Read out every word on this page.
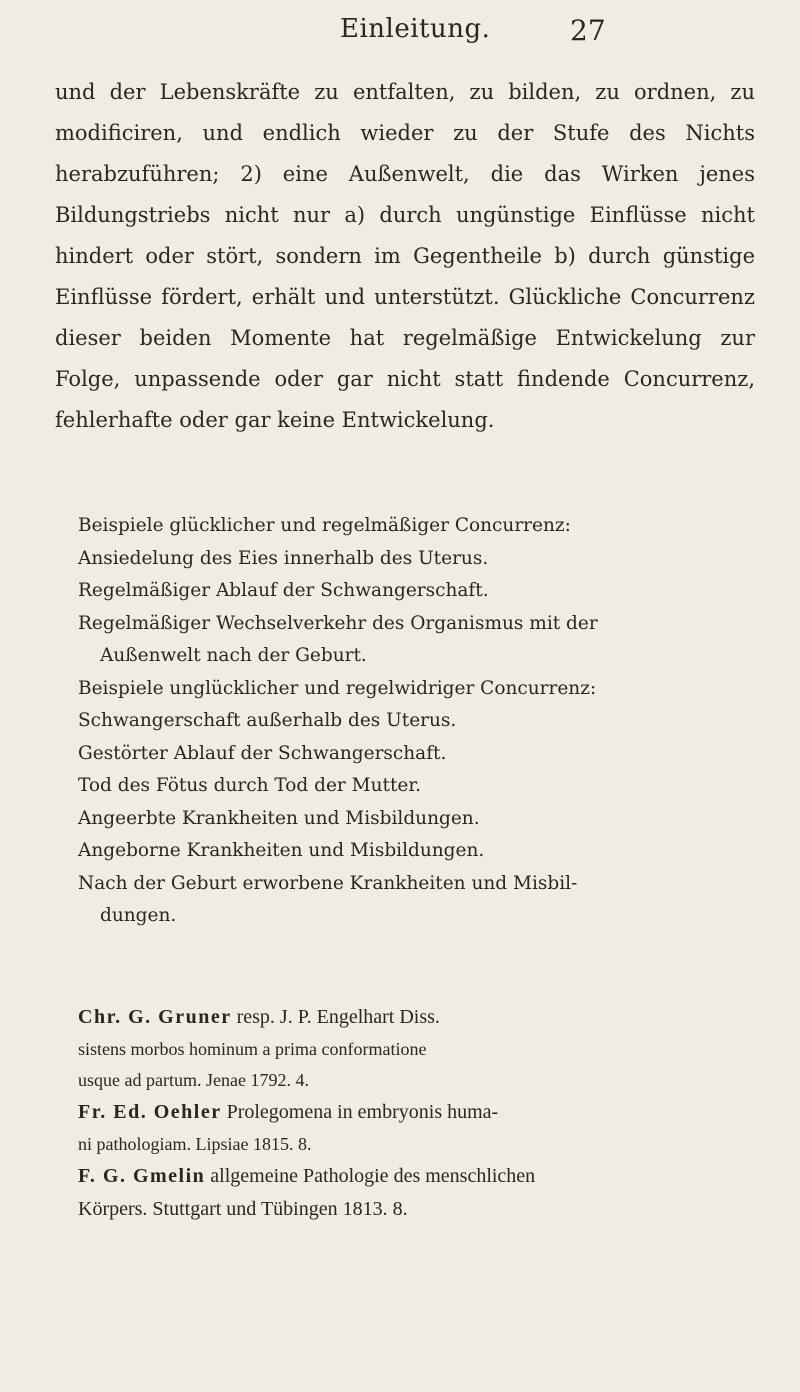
Einleitung.	27

und der Lebenskräfte zu entfalten, zu bilden, zu ordnen, zu modificiren, und endlich wieder zu der Stufe des Nichts herabzuführen; 2) eine Außenwelt, die das Wirken jenes Bildungstriebs nicht nur a) durch ungünstige Einflüsse nicht hindert oder stört, sondern im Gegentheile b) durch günstige Einflüsse fördert, erhält und unterstützt. Glückliche Concurrenz dieser beiden Momente hat regelmäßige Entwickelung zur Folge, unpassende oder gar nicht statt findende Concurrenz, fehlerhafte oder gar keine Entwickelung.

Beispiele glücklicher und regelmäßiger Concurrenz:
Ansiedelung des Eies innerhalb des Uterus.
Regelmäßiger Ablauf der Schwangerschaft.
Regelmäßiger Wechselverkehr des Organismus mit der
Außenwelt nach der Geburt.
Beispiele unglücklicher und regelwidriger Concurrenz:
Schwangerschaft außerhalb des Uterus.
Gestörter Ablauf der Schwangerschaft.
Tod des Fötus durch Tod der Mutter.
Angeerbte Krankheiten und Misbildungen.
Angeborne Krankheiten und Misbildungen.
Nach der Geburt erworbene Krankheiten und Misbil-
dungen.
Chr. G. Gruner resp. J. P. Engelhart Diss.
sistens morbos hominum a prima conformatione
usque ad partum. Jenae 1792. 4.
Fr. Ed. Oehler Prolegomena in embryonis huma-
ni pathologiam. Lipsiae 1815. 8.
F. G. Gmelin allgemeine Pathologie des menschlichen
Körpers. Stuttgart und Tübingen 1813. 8.
